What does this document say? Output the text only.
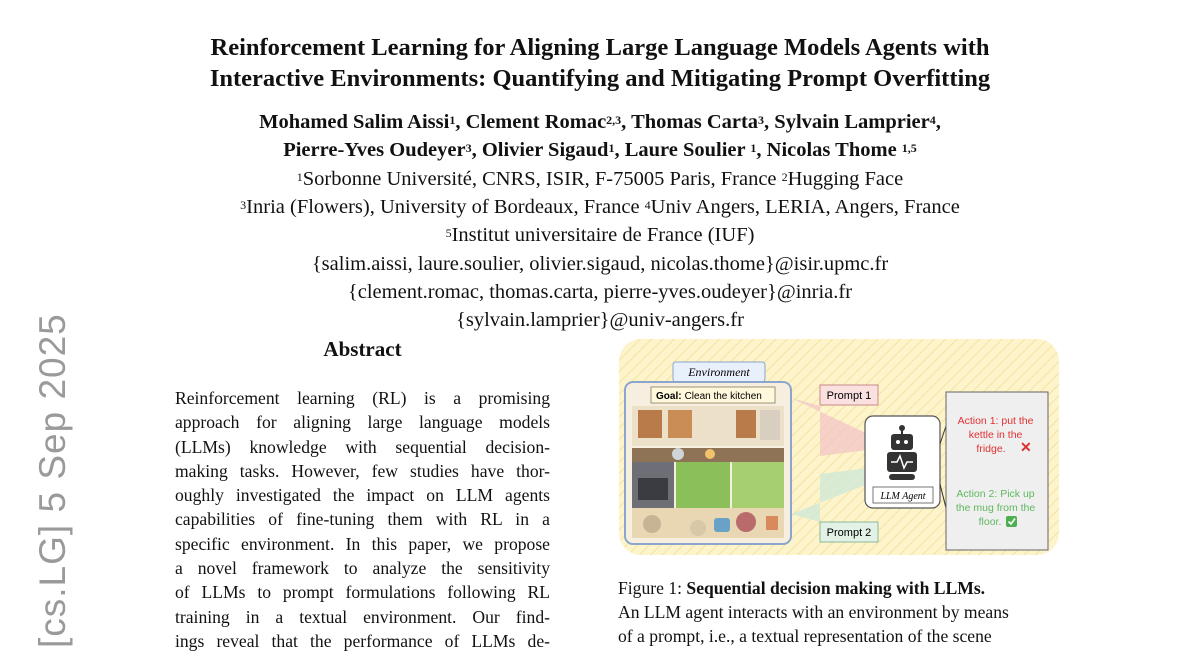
[cs.LG] 5 Sep 2025
Reinforcement Learning for Aligning Large Language Models Agents with
Interactive Environments: Quantifying and Mitigating Prompt Overfitting
Mohamed Salim Aissi$^1$, Clement Romac$^{2,3}$, Thomas Carta$^3$, Sylvain Lamprier$^4$,
Pierre-Yves Oudeyer$^3$, Olivier Sigaud$^1$, Laure Soulier $^1$, Nicolas Thome $^{1,5}$
$^1$Sorbonne Université, CNRS, ISIR, F-75005 Paris, France $^2$Hugging Face
$^3$Inria (Flowers), University of Bordeaux, France $^4$Univ Angers, LERIA, Angers, France
$^5$Institut universitaire de France (IUF)
{salim.aissi, laure.soulier, olivier.sigaud, nicolas.thome}@isir.upmc.fr
{clement.romac, thomas.carta, pierre-yves.oudeyer}@inria.fr
{sylvain.lamprier}@univ-angers.fr
Abstract
Reinforcement learning (RL) is a promising
approach for aligning large language models
(LLMs) knowledge with sequential decision-
making tasks. However, few studies have thor-
oughly investigated the impact on LLM agents
capabilities of fine-tuning them with RL in a
specific environment. In this paper, we propose
a novel framework to analyze the sensitivity
of LLMs to prompt formulations following RL
training in a textual environment. Our find-
ings reveal that the performance of LLMs de-
Environment
Goal: Clean the kitchen	Prompt 1
Prompt 2
LLM Agent
Action 1: put the kettle in the fridge.	✕
Action 2: Pick up the mug from the floor.
Figure 1: Sequential decision making with LLMs.
An LLM agent interacts with an environment by means
of a prompt, i.e., a textual representation of the scene
